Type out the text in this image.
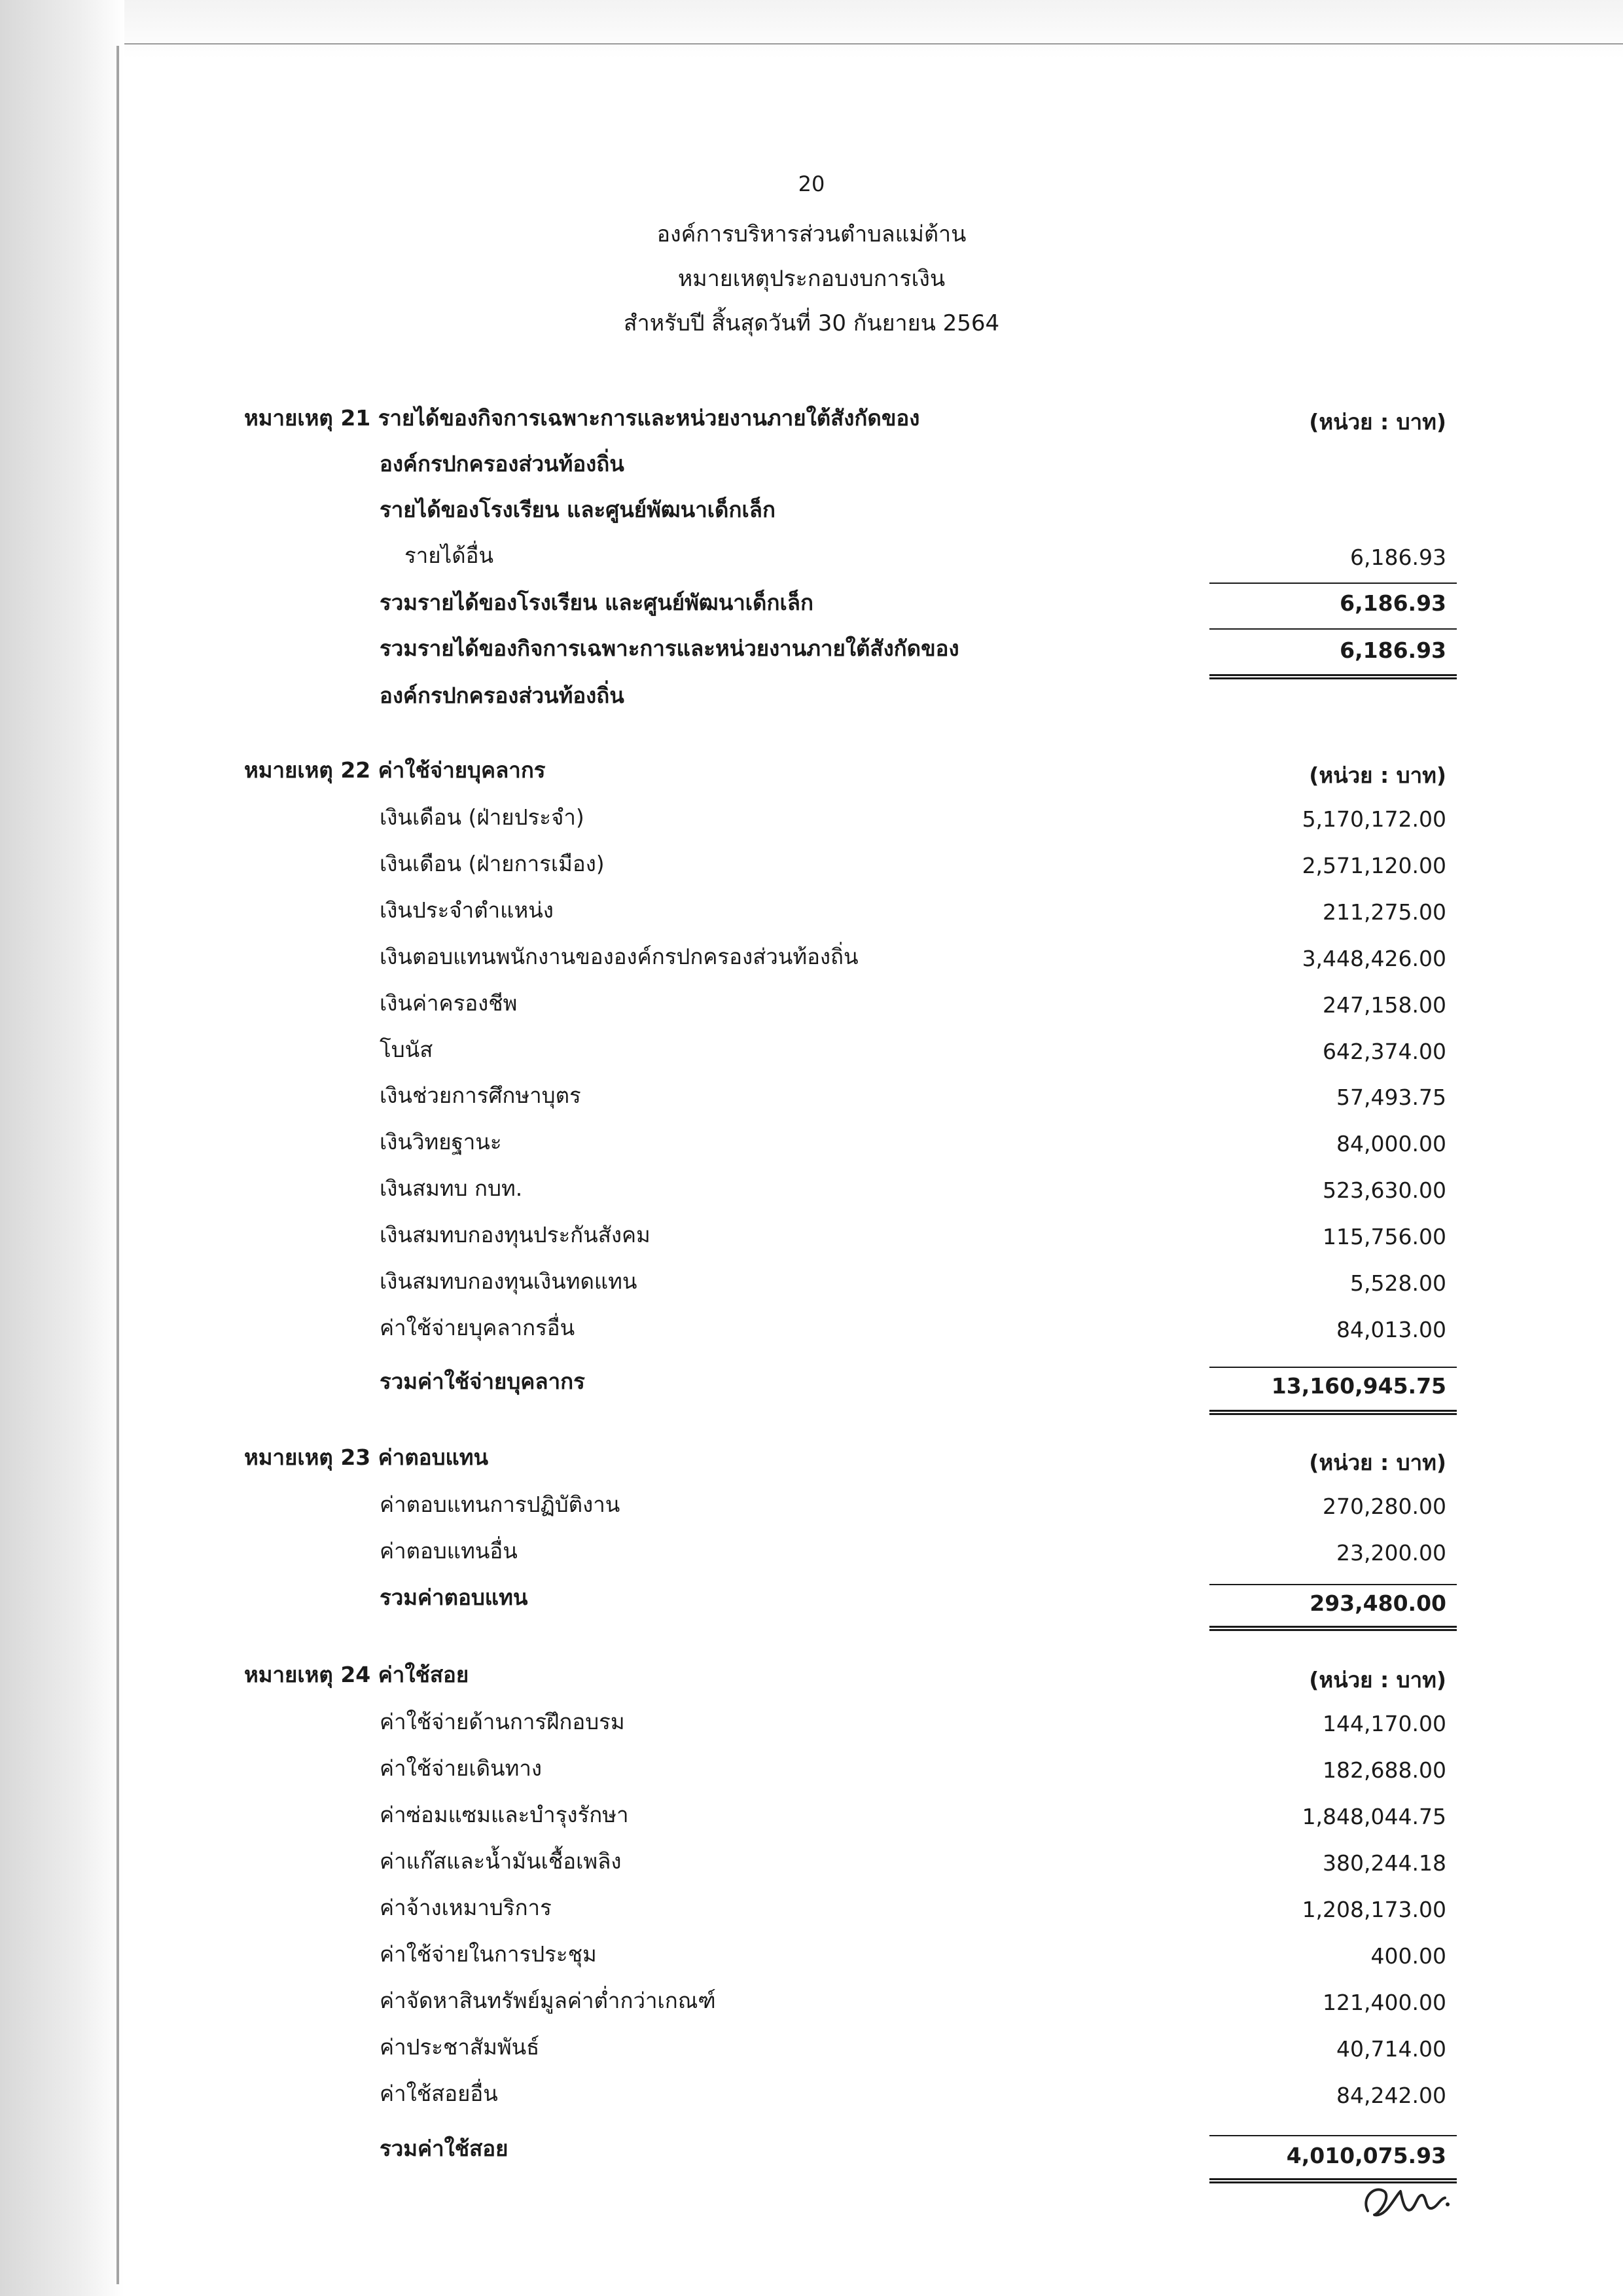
20
องค์การบริหารส่วนตำบลแม่ต้าน
หมายเหตุประกอบงบการเงิน
สำหรับปี สิ้นสุดวันที่ 30 กันยายน 2564
หมายเหตุ 21 รายได้ของกิจการเฉพาะการและหน่วยงานภายใต้สังกัดของ	(หน่วย : บาท)
องค์กรปกครองส่วนท้องถิ่น
รายได้ของโรงเรียน และศูนย์พัฒนาเด็กเล็ก
รายได้อื่น	6,186.93
รวมรายได้ของโรงเรียน และศูนย์พัฒนาเด็กเล็ก	6,186.93
รวมรายได้ของกิจการเฉพาะการและหน่วยงานภายใต้สังกัดของ	6,186.93
องค์กรปกครองส่วนท้องถิ่น
หมายเหตุ 22 ค่าใช้จ่ายบุคลากร	(หน่วย : บาท)
เงินเดือน (ฝ่ายประจำ)	5,170,172.00
เงินเดือน (ฝ่ายการเมือง)	2,571,120.00
เงินประจำตำแหน่ง	211,275.00
เงินตอบแทนพนักงานขององค์กรปกครองส่วนท้องถิ่น	3,448,426.00
เงินค่าครองชีพ	247,158.00
โบนัส	642,374.00
เงินช่วยการศึกษาบุตร	57,493.75
เงินวิทยฐานะ	84,000.00
เงินสมทบ กบท.	523,630.00
เงินสมทบกองทุนประกันสังคม	115,756.00
เงินสมทบกองทุนเงินทดแทน	5,528.00
ค่าใช้จ่ายบุคลากรอื่น	84,013.00
รวมค่าใช้จ่ายบุคลากร	13,160,945.75
หมายเหตุ 23 ค่าตอบแทน	(หน่วย : บาท)
ค่าตอบแทนการปฏิบัติงาน	270,280.00
ค่าตอบแทนอื่น	23,200.00
รวมค่าตอบแทน	293,480.00
หมายเหตุ 24 ค่าใช้สอย	(หน่วย : บาท)
ค่าใช้จ่ายด้านการฝึกอบรม	144,170.00
ค่าใช้จ่ายเดินทาง	182,688.00
ค่าซ่อมแซมและบำรุงรักษา	1,848,044.75
ค่าแก๊สและน้ำมันเชื้อเพลิง	380,244.18
ค่าจ้างเหมาบริการ	1,208,173.00
ค่าใช้จ่ายในการประชุม	400.00
ค่าจัดหาสินทรัพย์มูลค่าต่ำกว่าเกณฑ์	121,400.00
ค่าประชาสัมพันธ์	40,714.00
ค่าใช้สอยอื่น	84,242.00
รวมค่าใช้สอย	4,010,075.93
